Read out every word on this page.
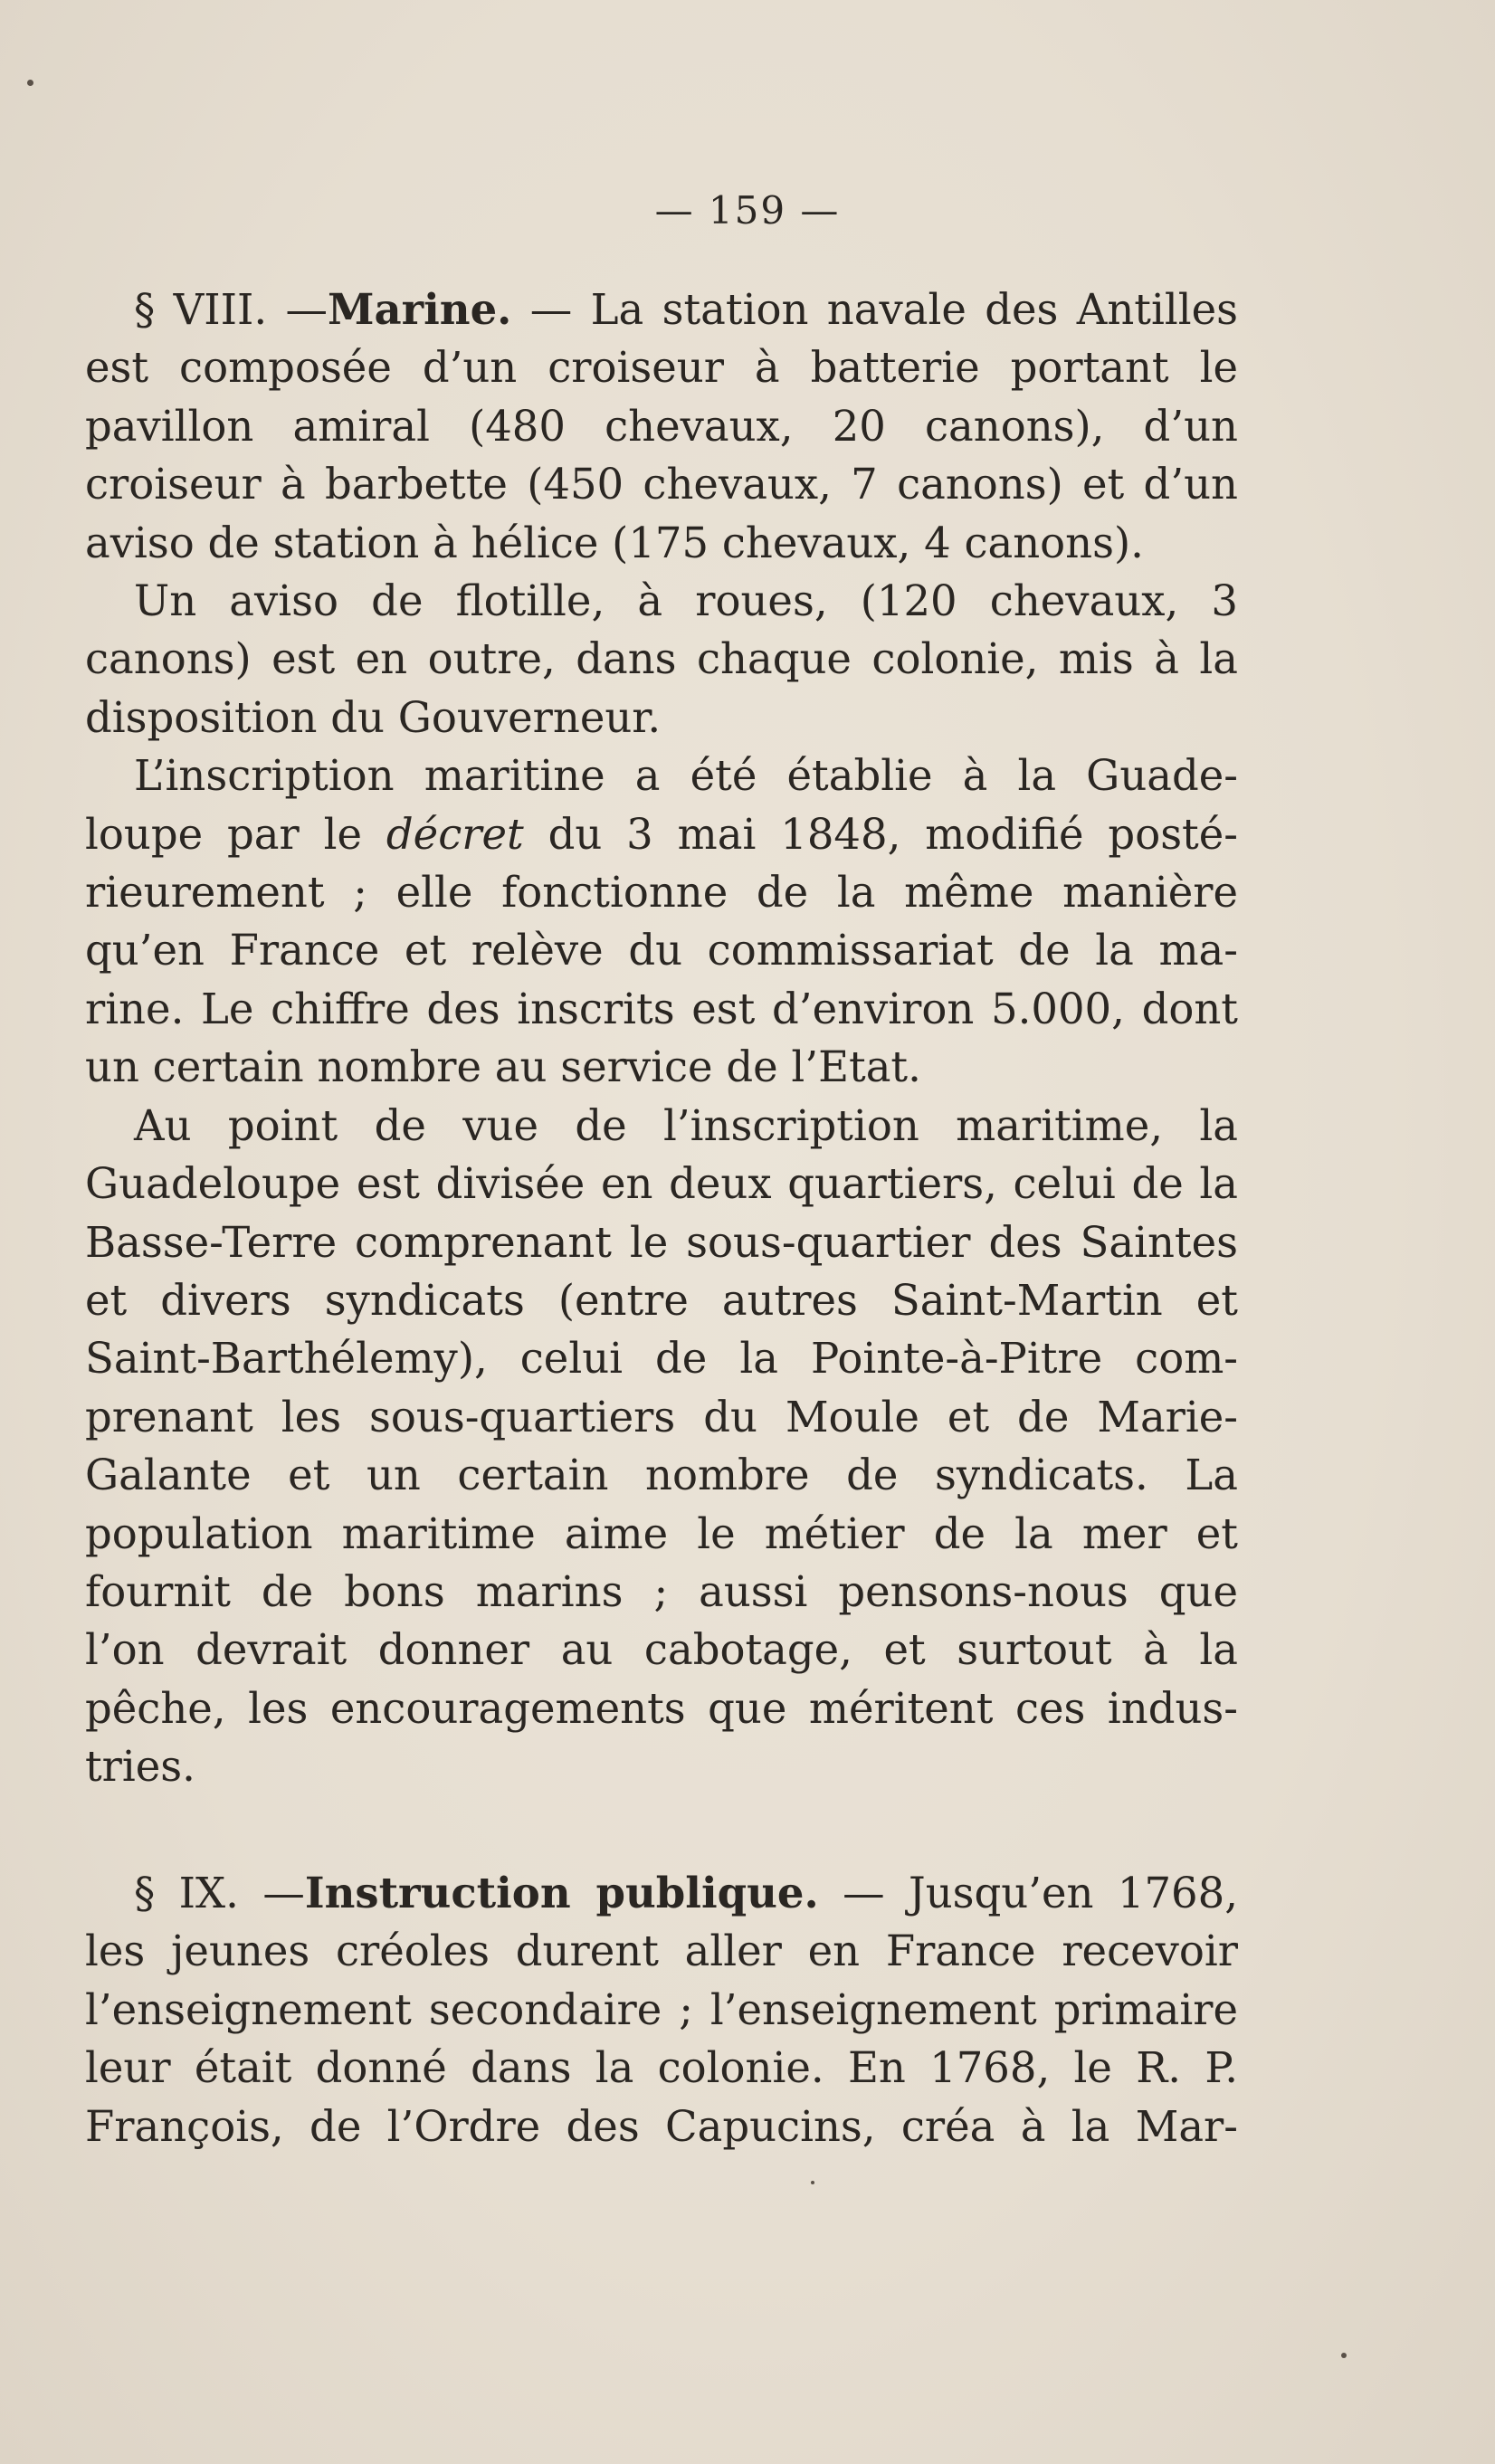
— 159 —
§ VIII. —Marine. — La station navale des Antilles
est composée d’un croiseur à batterie portant le
pavillon amiral (480 chevaux, 20 canons), d’un
croiseur à barbette (450 chevaux, 7 canons) et d’un
aviso de station à hélice (175 chevaux, 4 canons).
Un aviso de flotille, à roues, (120 chevaux, 3
canons) est en outre, dans chaque colonie, mis à la
disposition du Gouverneur.
L’inscription maritine a été établie à la Guade-
loupe par le décret du 3 mai 1848, modifié posté-
rieurement ; elle fonctionne de la même manière
qu’en France et relève du commissariat de la ma-
rine. Le chiffre des inscrits est d’environ 5.000, dont
un certain nombre au service de l’Etat.
Au point de vue de l’inscription maritime, la
Guadeloupe est divisée en deux quartiers, celui de la
Basse-Terre comprenant le sous-quartier des Saintes
et divers syndicats (entre autres Saint-Martin et
Saint-Barthélemy), celui de la Pointe-à-Pitre com-
prenant les sous-quartiers du Moule et de Marie-
Galante et un certain nombre de syndicats. La
population maritime aime le métier de la mer et
fournit de bons marins ; aussi pensons-nous que
l’on devrait donner au cabotage, et surtout à la
pêche, les encouragements que méritent ces indus-
tries.
§ IX. —Instruction publique. — Jusqu’en 1768,
les jeunes créoles durent aller en France recevoir
l’enseignement secondaire ; l’enseignement primaire
leur était donné dans la colonie. En 1768, le R. P.
François, de l’Ordre des Capucins, créa à la Mar-
